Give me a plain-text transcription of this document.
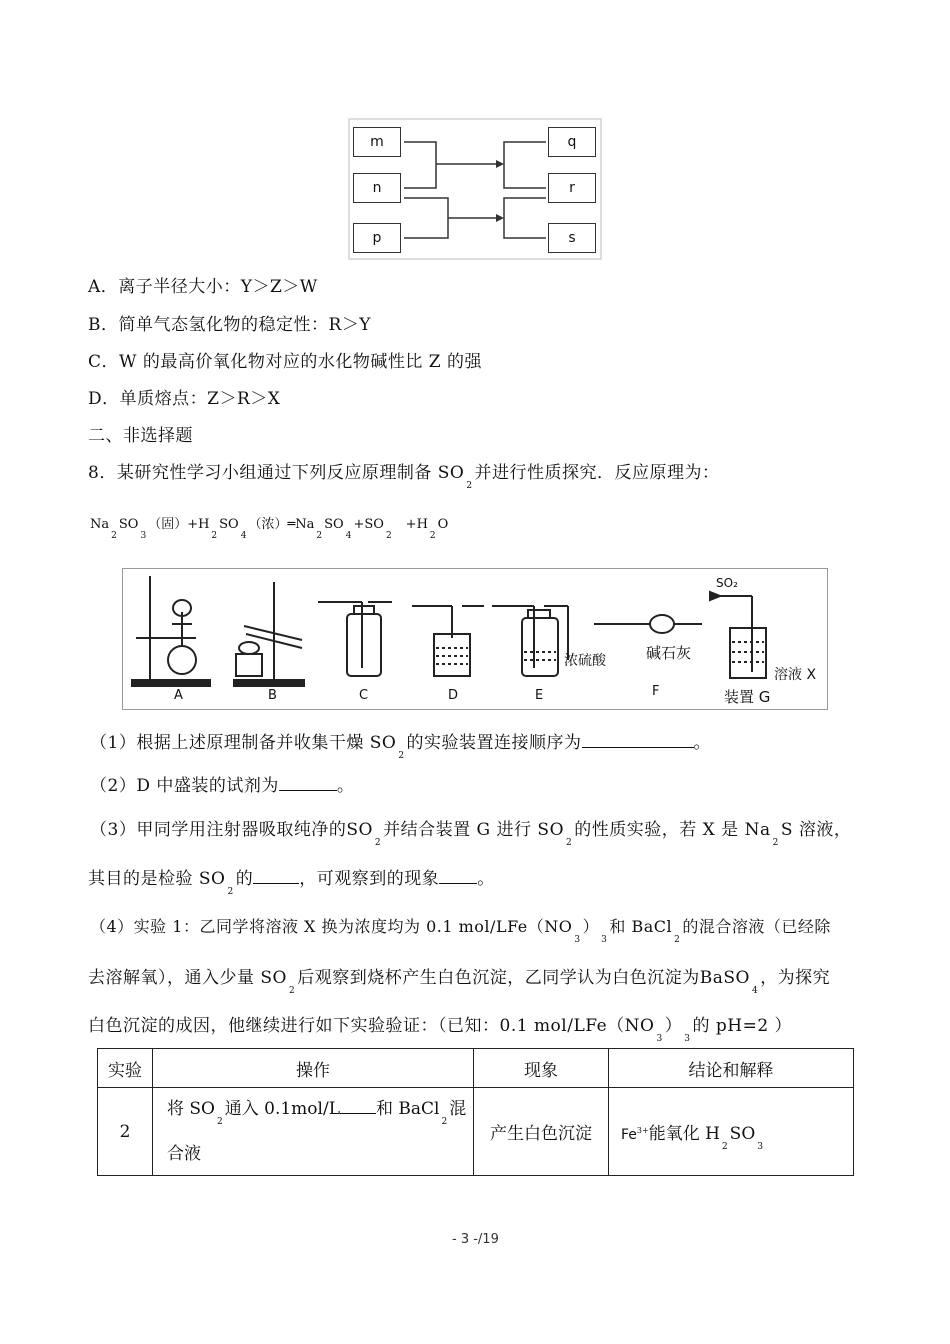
m
n
p
q
r
s
A．离子半径大小：Y＞Z＞W
B．简单气态氢化物的稳定性：R＞Y
C．W 的最高价氧化物对应的水化物碱性比 Z 的强
D．单质熔点：Z＞R＞X
二、非选择题
8．某研究性学习小组通过下列反应原理制备 $SO_2$并进行性质探究．反应原理为：
$Na_2SO_3$（固）$+H_2SO_4$（浓）$═Na_2SO_4+SO_2+H_2O$
A	B	C	D	E	F
SO₂
浓硫酸	碱石灰
溶液 X
装置 G
（1）根据上述原理制备并收集干燥 $SO_2$的实验装置连接顺序为	。
（2）D 中盛装的试剂为	。
（3）甲同学用注射器吸取纯净的$SO_2$并结合装置 G 进行 $SO_2$的性质实验，若 X 是 $Na_2S$ 溶液，
其目的是检验 $SO_2$的	，可观察到的现象 。
（4）实验 1：乙同学将溶液 X 换为浓度均为 0.1 mol/$LFe(NO_3)_3$和 BaCl$_2$的混合溶液（已经除
去溶解氧），通入少量 $SO_2$后观察到烧杯产生白色沉淀，乙同学认为白色沉淀为BaSO$_4$，为探究
白色沉淀的成因，他继续进行如下实验验证：（已知：0.1 mol/$LFe(NO_3)_3$的 pH=2 ）
实验	操作	现象	结论和解释
2	将 $SO_2$通入 0.1mol/L 和 BaCl$_2$混
合液	产生白色沉淀	$Fe^{3+}$能氧化 $H_2SO_3$
- 3 -/19
